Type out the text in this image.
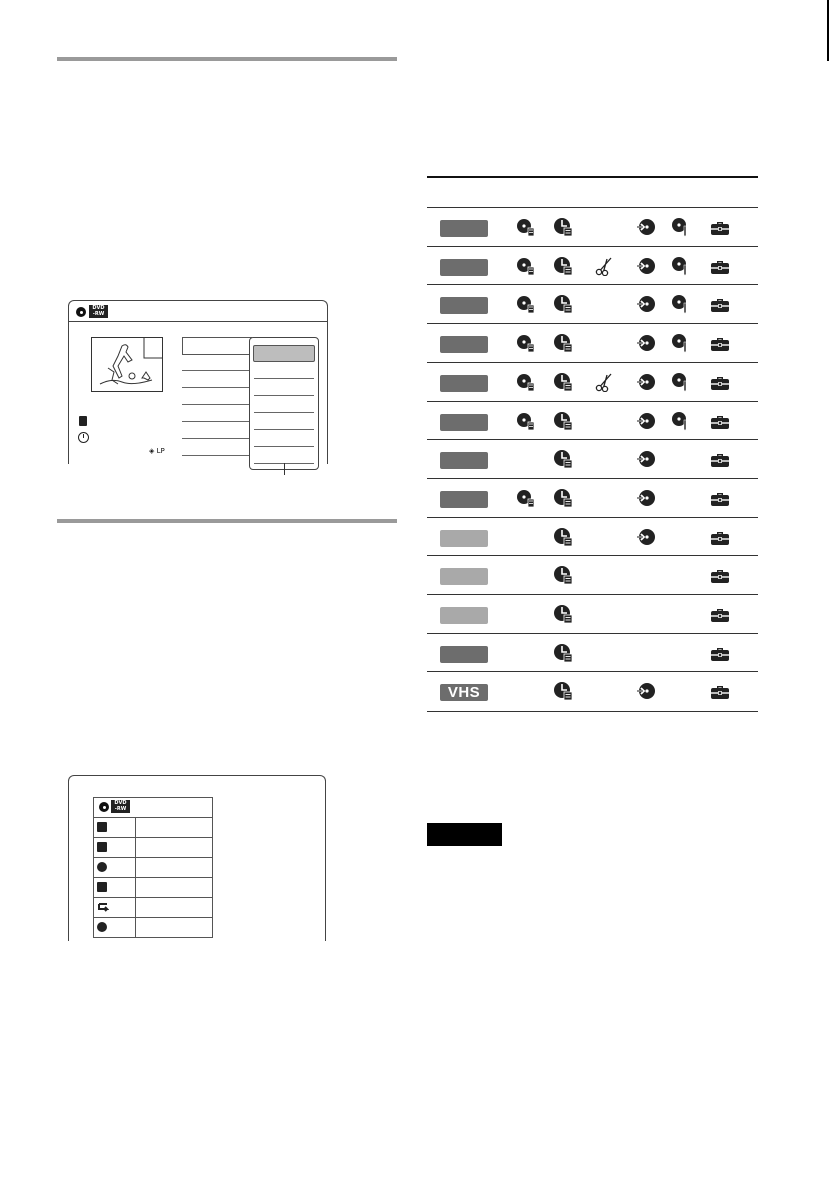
DVD
-RW
◈ LP
DVD
-RW
VHS
